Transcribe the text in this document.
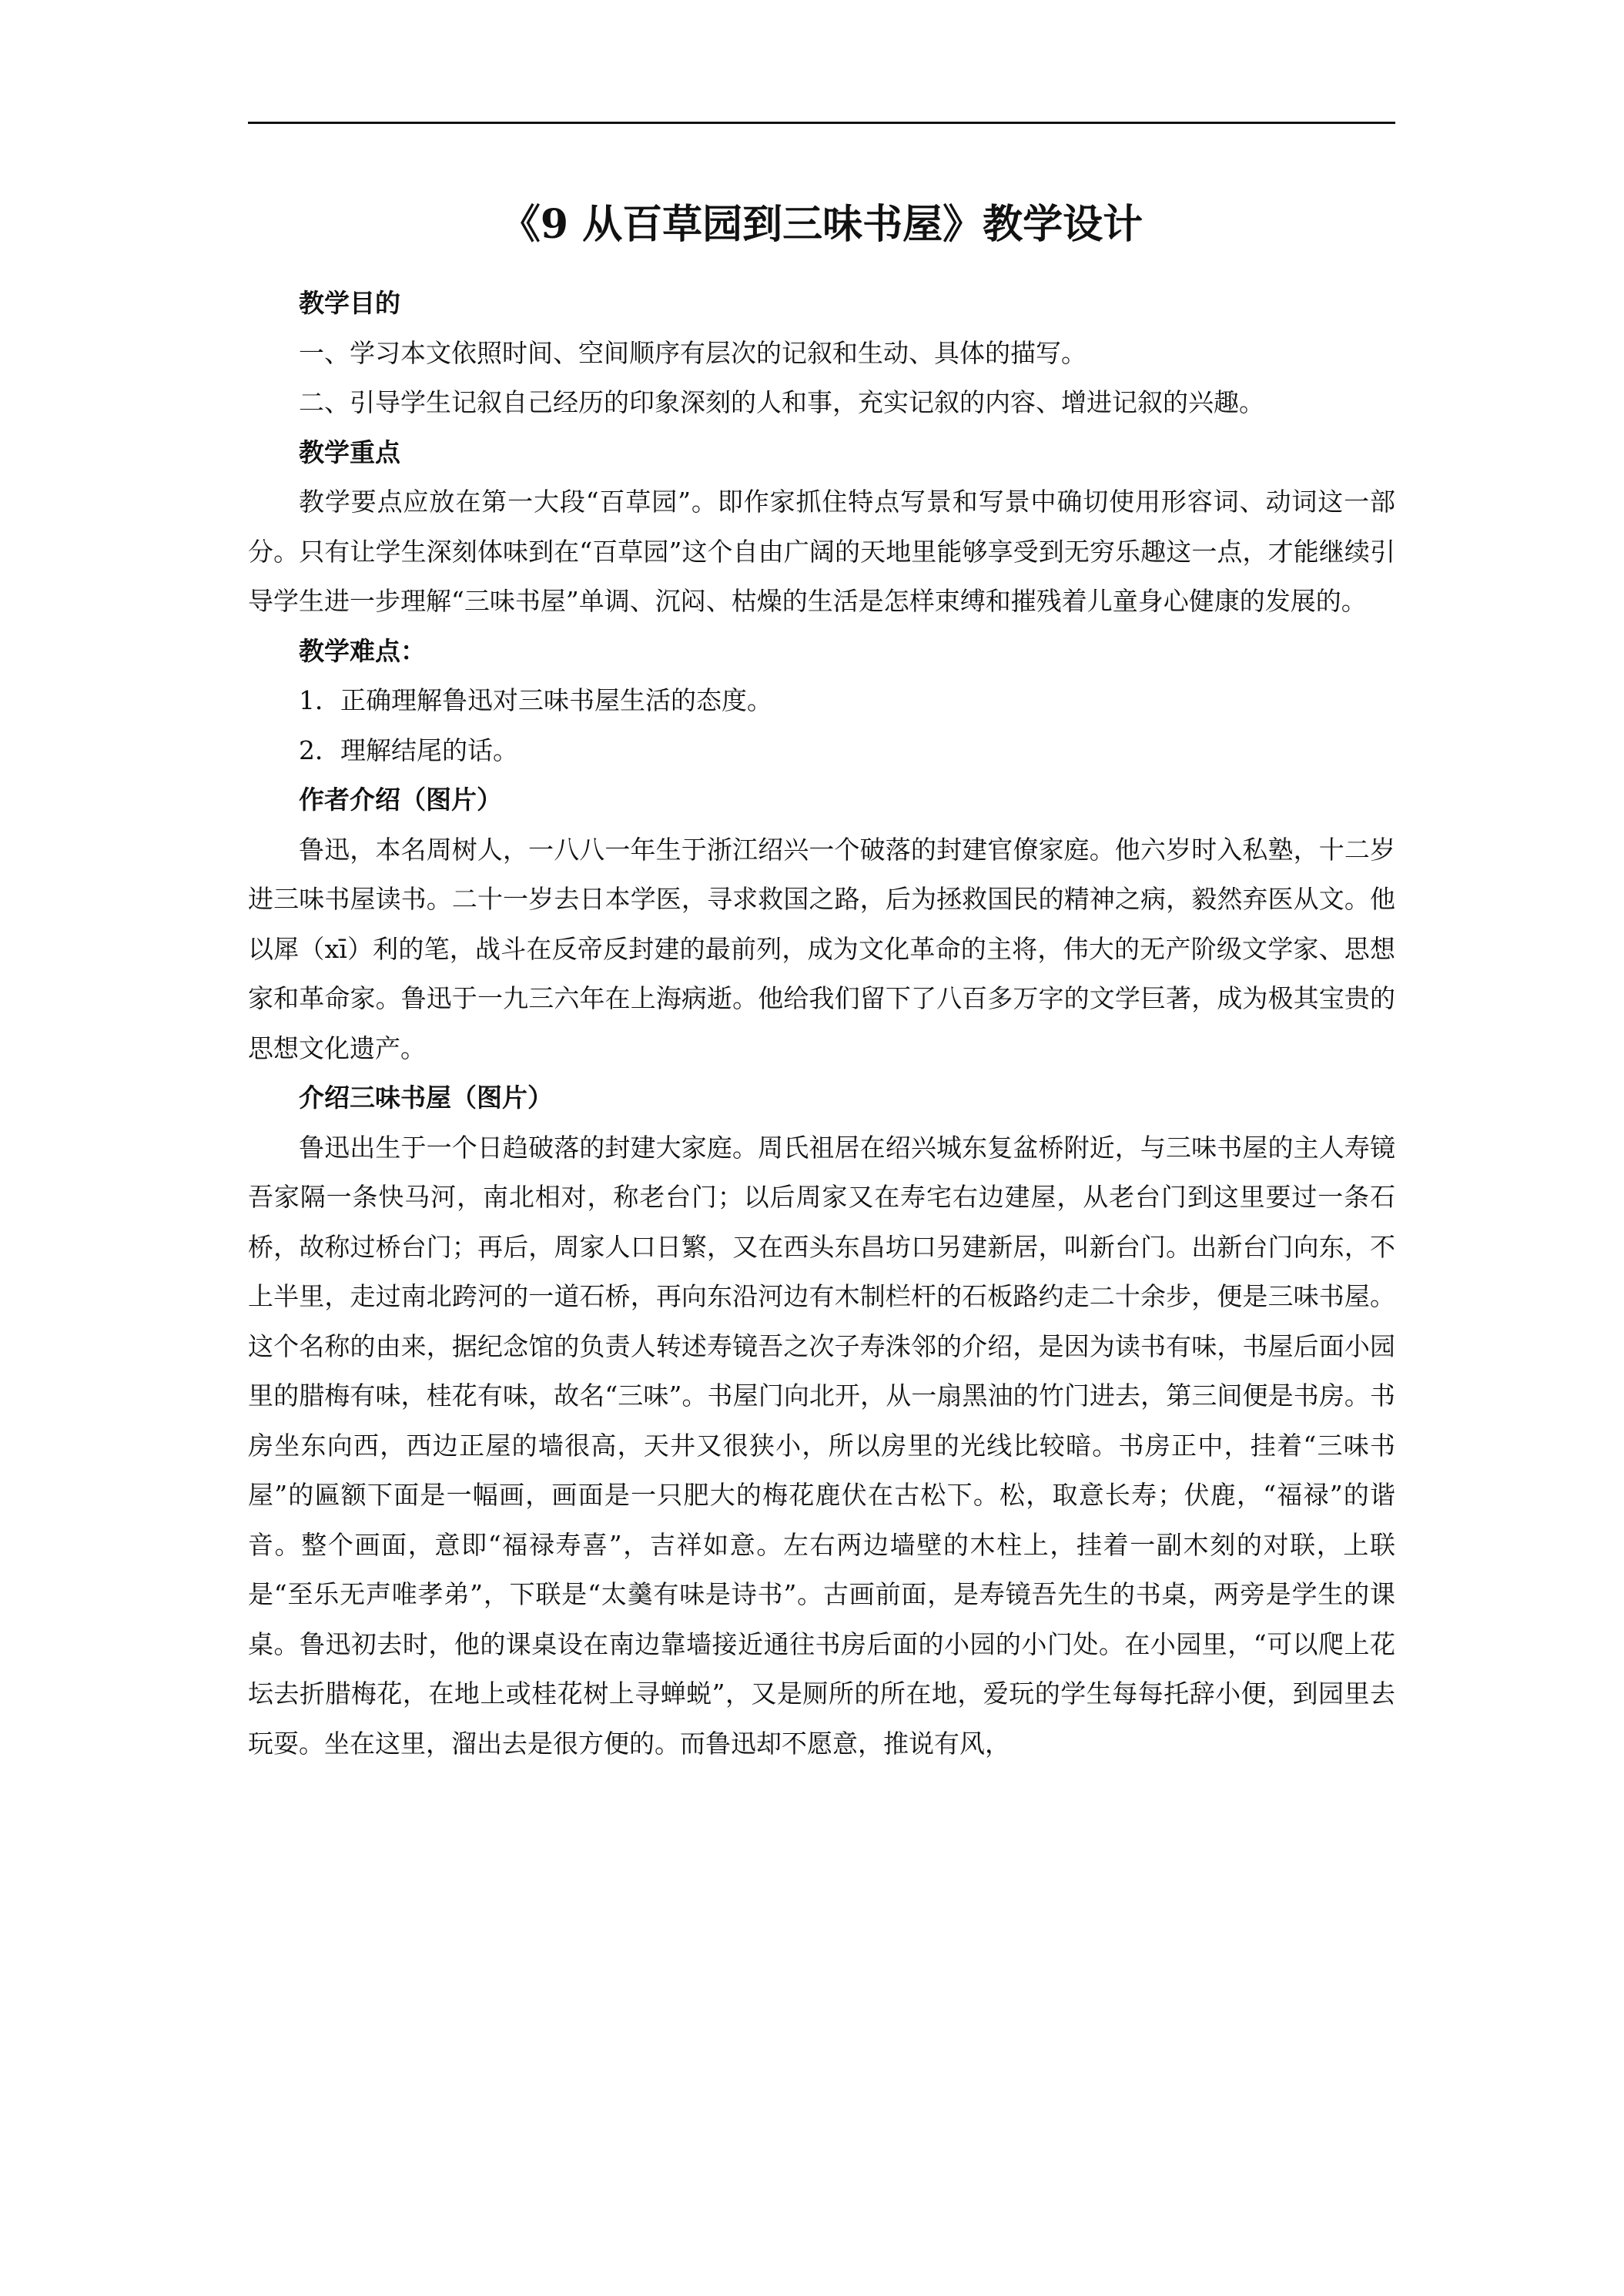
《9 从百草园到三味书屋》教学设计

教学目的

一、学习本文依照时间、空间顺序有层次的记叙和生动、具体的描写。

二、引导学生记叙自己经历的印象深刻的人和事，充实记叙的内容、增进记叙的兴趣。

教学重点

教学要点应放在第一大段“百草园”。即作家抓住特点写景和写景中确切使用形容词、动词这一部分。只有让学生深刻体味到在“百草园”这个自由广阔的天地里能够享受到无穷乐趣这一点，才能继续引导学生进一步理解“三味书屋”单调、沉闷、枯燥的生活是怎样束缚和摧残着儿童身心健康的发展的。

教学难点：

1．正确理解鲁迅对三味书屋生活的态度。

2．理解结尾的话。

作者介绍（图片）

鲁迅，本名周树人，一八八一年生于浙江绍兴一个破落的封建官僚家庭。他六岁时入私塾，十二岁进三味书屋读书。二十一岁去日本学医，寻求救国之路，后为拯救国民的精神之病，毅然弃医从文。他以犀（xī）利的笔，战斗在反帝反封建的最前列，成为文化革命的主将，伟大的无产阶级文学家、思想家和革命家。鲁迅于一九三六年在上海病逝。他给我们留下了八百多万字的文学巨著，成为极其宝贵的思想文化遗产。

介绍三味书屋（图片）

鲁迅出生于一个日趋破落的封建大家庭。周氏祖居在绍兴城东复盆桥附近，与三味书屋的主人寿镜吾家隔一条快马河，南北相对，称老台门；以后周家又在寿宅右边建屋，从老台门到这里要过一条石桥，故称过桥台门；再后，周家人口日繁，又在西头东昌坊口另建新居，叫新台门。出新台门向东，不上半里，走过南北跨河的一道石桥，再向东沿河边有木制栏杆的石板路约走二十余步，便是三味书屋。这个名称的由来，据纪念馆的负责人转述寿镜吾之次子寿洙邻的介绍，是因为读书有味，书屋后面小园里的腊梅有味，桂花有味，故名“三味”。书屋门向北开，从一扇黑油的竹门进去，第三间便是书房。书房坐东向西，西边正屋的墙很高，天井又很狭小，所以房里的光线比较暗。书房正中，挂着“三味书屋”的匾额下面是一幅画，画面是一只肥大的梅花鹿伏在古松下。松，取意长寿；伏鹿，“福禄”的谐音。整个画面，意即“福禄寿喜”，吉祥如意。左右两边墙壁的木柱上，挂着一副木刻的对联，上联是“至乐无声唯孝弟”，下联是“太羹有味是诗书”。古画前面，是寿镜吾先生的书桌，两旁是学生的课桌。鲁迅初去时，他的课桌设在南边靠墙接近通往书房后面的小园的小门处。在小园里，“可以爬上花坛去折腊梅花，在地上或桂花树上寻蝉蜕”，又是厕所的所在地，爱玩的学生每每托辞小便，到园里去玩耍。坐在这里，溜出去是很方便的。而鲁迅却不愿意，推说有风，
